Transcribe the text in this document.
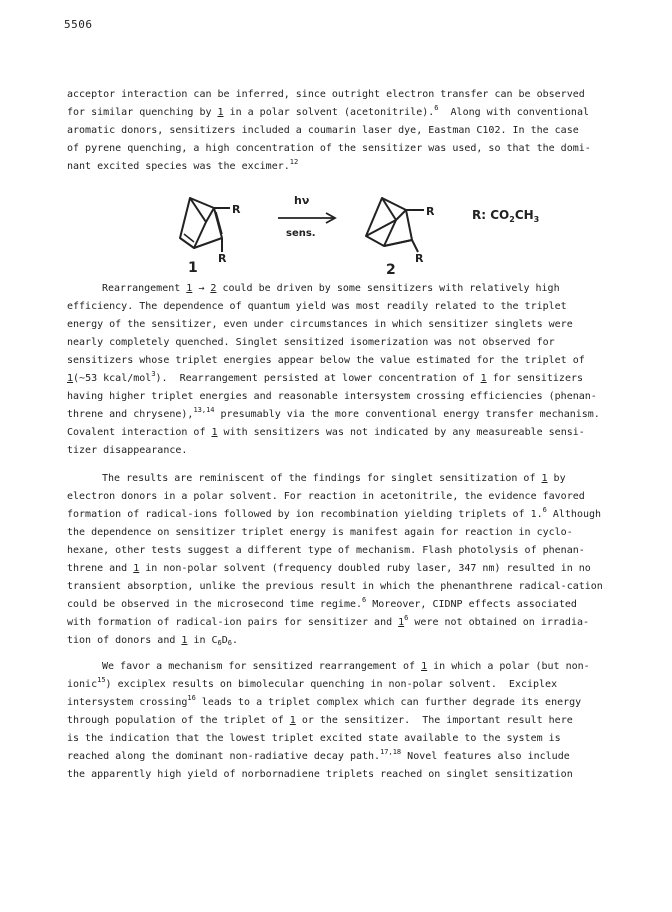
5506

acceptor interaction can be inferred, since outright electron transfer can be observed
for similar quenching by 1 in a polar solvent (acetonitrile).$^6$  Along with conventional
aromatic donors, sensitizers included a coumarin laser dye, Eastman C102. In the case
of pyrene quenching, a high concentration of the sensitizer was used, so that the domi-
nant excited species was the excimer.$^{12}$

R
R
1
hν
sens.
R
R
2
R: $CO_2CH_3$

Rearrangement 1 → 2 could be driven by some sensitizers with relatively high
efficiency. The dependence of quantum yield was most readily related to the triplet
energy of the sensitizer, even under circumstances in which sensitizer singlets were
nearly completely quenched. Singlet sensitized isomerization was not observed for
sensitizers whose triplet energies appear below the value estimated for the triplet of
1(~53 kcal/mol$^3$).  Rearrangement persisted at lower concentration of 1 for sensitizers
having higher triplet energies and reasonable intersystem crossing efficiencies (phenan-
threne and chrysene),$^{13,14}$ presumably via the more conventional energy transfer mechanism.
Covalent interaction of 1 with sensitizers was not indicated by any measureable sensi-
tizer disappearance.

The results are reminiscent of the findings for singlet sensitization of 1 by
electron donors in a polar solvent. For reaction in acetonitrile, the evidence favored
formation of radical-ions followed by ion recombination yielding triplets of 1.$^6$ Although
the dependence on sensitizer triplet energy is manifest again for reaction in cyclo-
hexane, other tests suggest a different type of mechanism. Flash photolysis of phenan-
threne and 1 in non-polar solvent (frequency doubled ruby laser, 347 nm) resulted in no
transient absorption, unlike the previous result in which the phenanthrene radical-cation
could be observed in the microsecond time regime.$^6$ Moreover, CIDNP effects associated
with formation of radical-ion pairs for sensitizer and $1^6$ were not obtained on irradia-
tion of donors and 1 in $C_6D_6$.

We favor a mechanism for sensitized rearrangement of 1 in which a polar (but non-
ionic$^{15}$) exciplex results on bimolecular quenching in non-polar solvent.  Exciplex
intersystem crossing$^{16}$ leads to a triplet complex which can further degrade its energy
through population of the triplet of 1 or the sensitizer.  The important result here
is the indication that the lowest triplet excited state available to the system is
reached along the dominant non-radiative decay path.$^{17,18}$ Novel features also include
the apparently high yield of norbornadiene triplets reached on singlet sensitization
